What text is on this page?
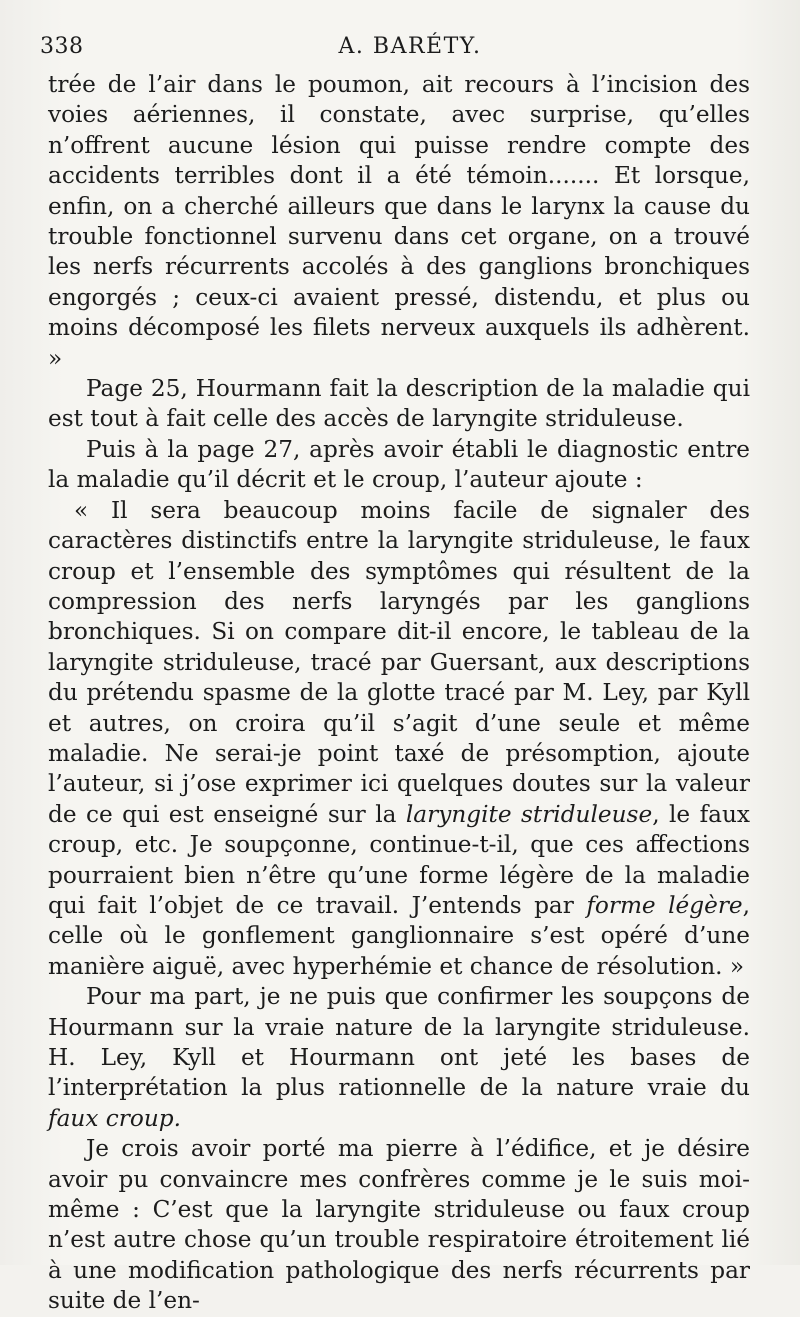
338	A. BARÉTY.

trée de l’air dans le poumon, ait recours à l’incision des voies aériennes, il constate, avec surprise, qu’elles n’offrent aucune lésion qui puisse rendre compte des accidents terribles dont il a été témoin....... Et lorsque, enfin, on a cherché ailleurs que dans le larynx la cause du trouble fonctionnel survenu dans cet organe, on a trouvé les nerfs récurrents accolés à des ganglions bronchiques engorgés ; ceux-ci avaient pressé, distendu, et plus ou moins décomposé les filets nerveux auxquels ils adhèrent. »

Page 25, Hourmann fait la description de la maladie qui est tout à fait celle des accès de laryngite striduleuse.

Puis à la page 27, après avoir établi le diagnostic entre la maladie qu’il décrit et le croup, l’auteur ajoute :

« Il sera beaucoup moins facile de signaler des caractères distinctifs entre la laryngite striduleuse, le faux croup et l’ensemble des symptômes qui résultent de la compression des nerfs laryngés par les ganglions bronchiques. Si on compare dit-il encore, le tableau de la laryngite striduleuse, tracé par Guersant, aux descriptions du prétendu spasme de la glotte tracé par M. Ley, par Kyll et autres, on croira qu’il s’agit d’une seule et même maladie. Ne serai-je point taxé de présomption, ajoute l’auteur, si j’ose exprimer ici quelques doutes sur la valeur de ce qui est enseigné sur la laryngite striduleuse, le faux croup, etc. Je soupçonne, continue-t-il, que ces affections pourraient bien n’être qu’une forme légère de la maladie qui fait l’objet de ce travail. J’entends par forme légère, celle où le gonflement ganglionnaire s’est opéré d’une manière aiguë, avec hyperhémie et chance de résolution. »

Pour ma part, je ne puis que confirmer les soupçons de Hourmann sur la vraie nature de la laryngite striduleuse. H. Ley, Kyll et Hourmann ont jeté les bases de l’interprétation la plus rationnelle de la nature vraie du faux croup.

Je crois avoir porté ma pierre à l’édifice, et je désire avoir pu convaincre mes confrères comme je le suis moi-même : C’est que la laryngite striduleuse ou faux croup n’est autre chose qu’un trouble respiratoire étroitement lié à une modification pathologique des nerfs récurrents par suite de l’en-
